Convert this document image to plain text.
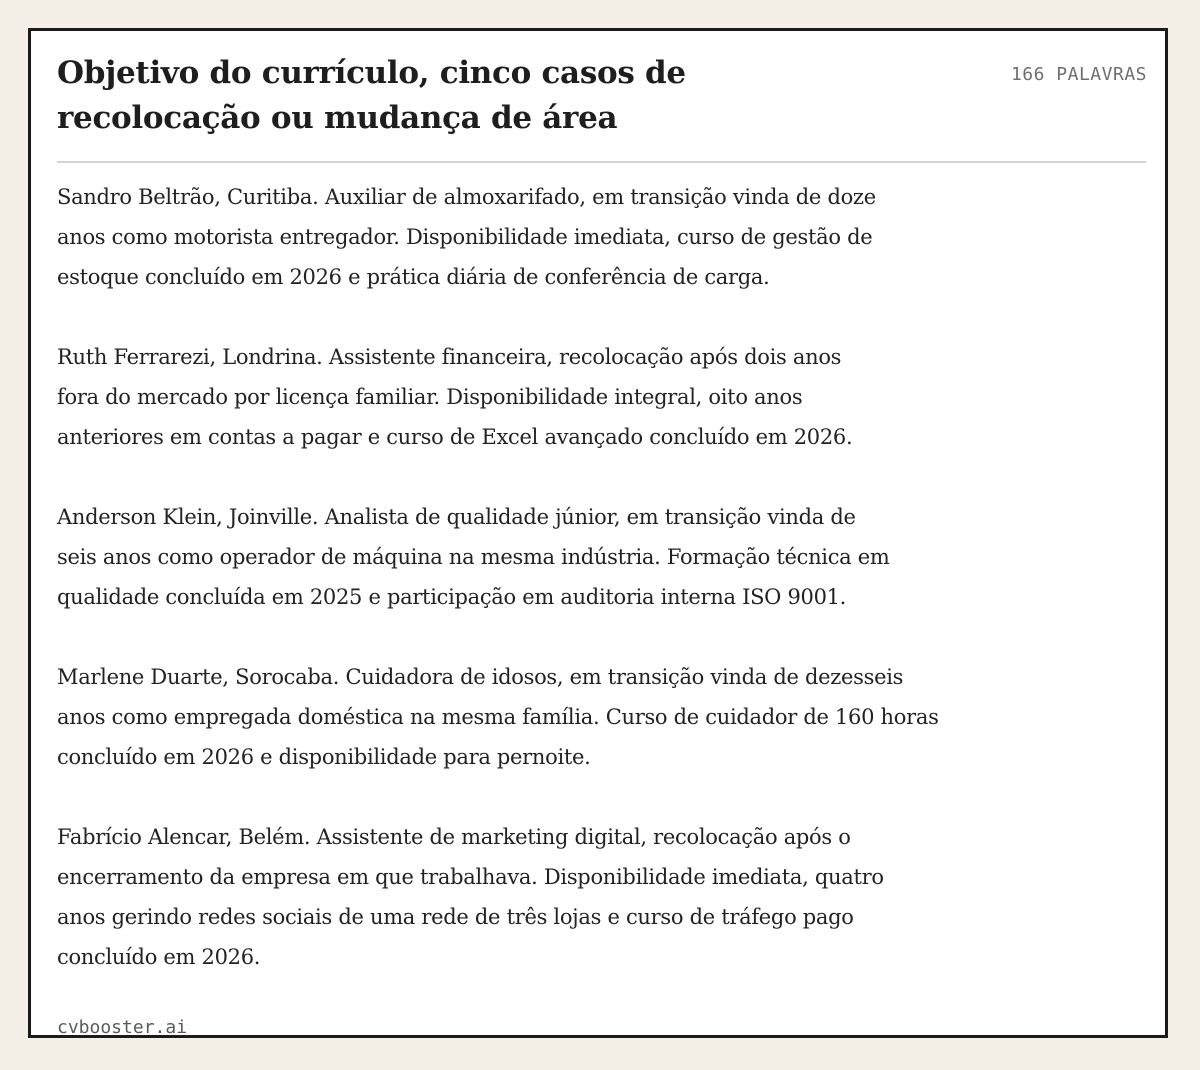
Objetivo do currículo, cinco casos de
recolocação ou mudança de área
166 PALAVRAS

Sandro Beltrão, Curitiba. Auxiliar de almoxarifado, em transição vinda de doze
anos como motorista entregador. Disponibilidade imediata, curso de gestão de
estoque concluído em 2026 e prática diária de conferência de carga.

Ruth Ferrarezi, Londrina. Assistente financeira, recolocação após dois anos
fora do mercado por licença familiar. Disponibilidade integral, oito anos
anteriores em contas a pagar e curso de Excel avançado concluído em 2026.

Anderson Klein, Joinville. Analista de qualidade júnior, em transição vinda de
seis anos como operador de máquina na mesma indústria. Formação técnica em
qualidade concluída em 2025 e participação em auditoria interna ISO 9001.

Marlene Duarte, Sorocaba. Cuidadora de idosos, em transição vinda de dezesseis
anos como empregada doméstica na mesma família. Curso de cuidador de 160 horas
concluído em 2026 e disponibilidade para pernoite.

Fabrício Alencar, Belém. Assistente de marketing digital, recolocação após o
encerramento da empresa em que trabalhava. Disponibilidade imediata, quatro
anos gerindo redes sociais de uma rede de três lojas e curso de tráfego pago
concluído em 2026.

cvbooster.ai
